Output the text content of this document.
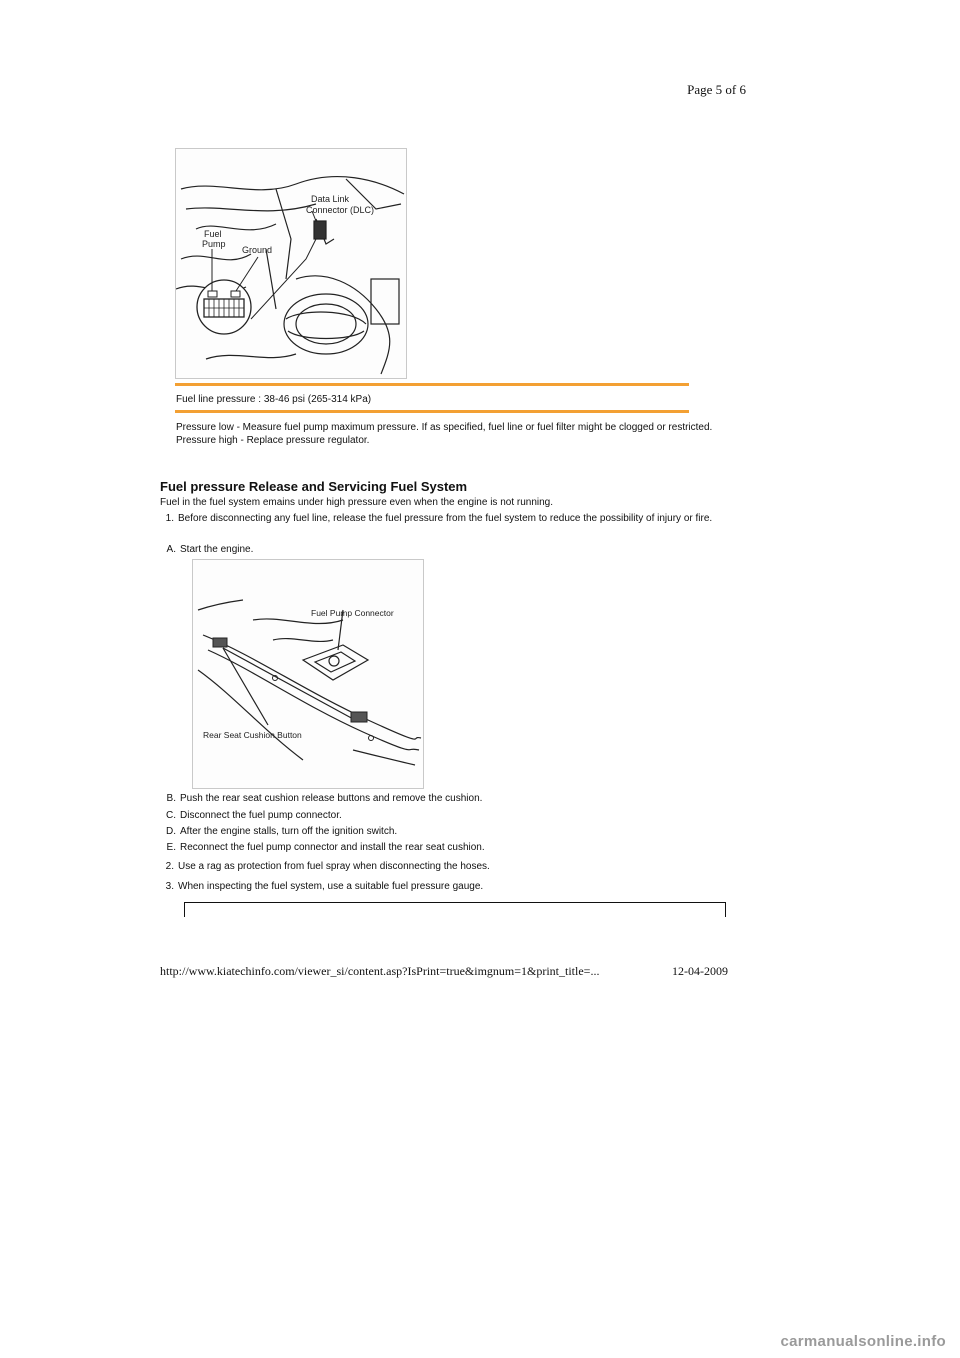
Page 5 of 6
Data Link
Connector (DLC)
Fuel
Pump
Ground
Fuel line pressure : 38-46 psi (265-314 kPa)
Pressure low - Measure fuel pump maximum pressure. If as specified, fuel line or fuel filter might be clogged or restricted.
Pressure high - Replace pressure regulator.
Fuel pressure Release and Servicing Fuel System
Fuel in the fuel system emains under high pressure even when the engine is not running.
1. Before disconnecting any fuel line, release the fuel pressure from the fuel system to reduce the possibility of injury or fire.
A. Start the engine.
Fuel Pump Connector
Rear Seat Cushion Button
B. Push the rear seat cushion release buttons and remove the cushion.
C. Disconnect the fuel pump connector.
D. After the engine stalls, turn off the ignition switch.
E. Reconnect the fuel pump connector and install the rear seat cushion.
2. Use a rag as protection from fuel spray when disconnecting the hoses.
3. When inspecting the fuel system, use a suitable fuel pressure gauge.
http://www.kiatechinfo.com/viewer_si/content.asp?IsPrint=true&imgnum=1&print_title=...	12-04-2009
carmanualsonline.info
